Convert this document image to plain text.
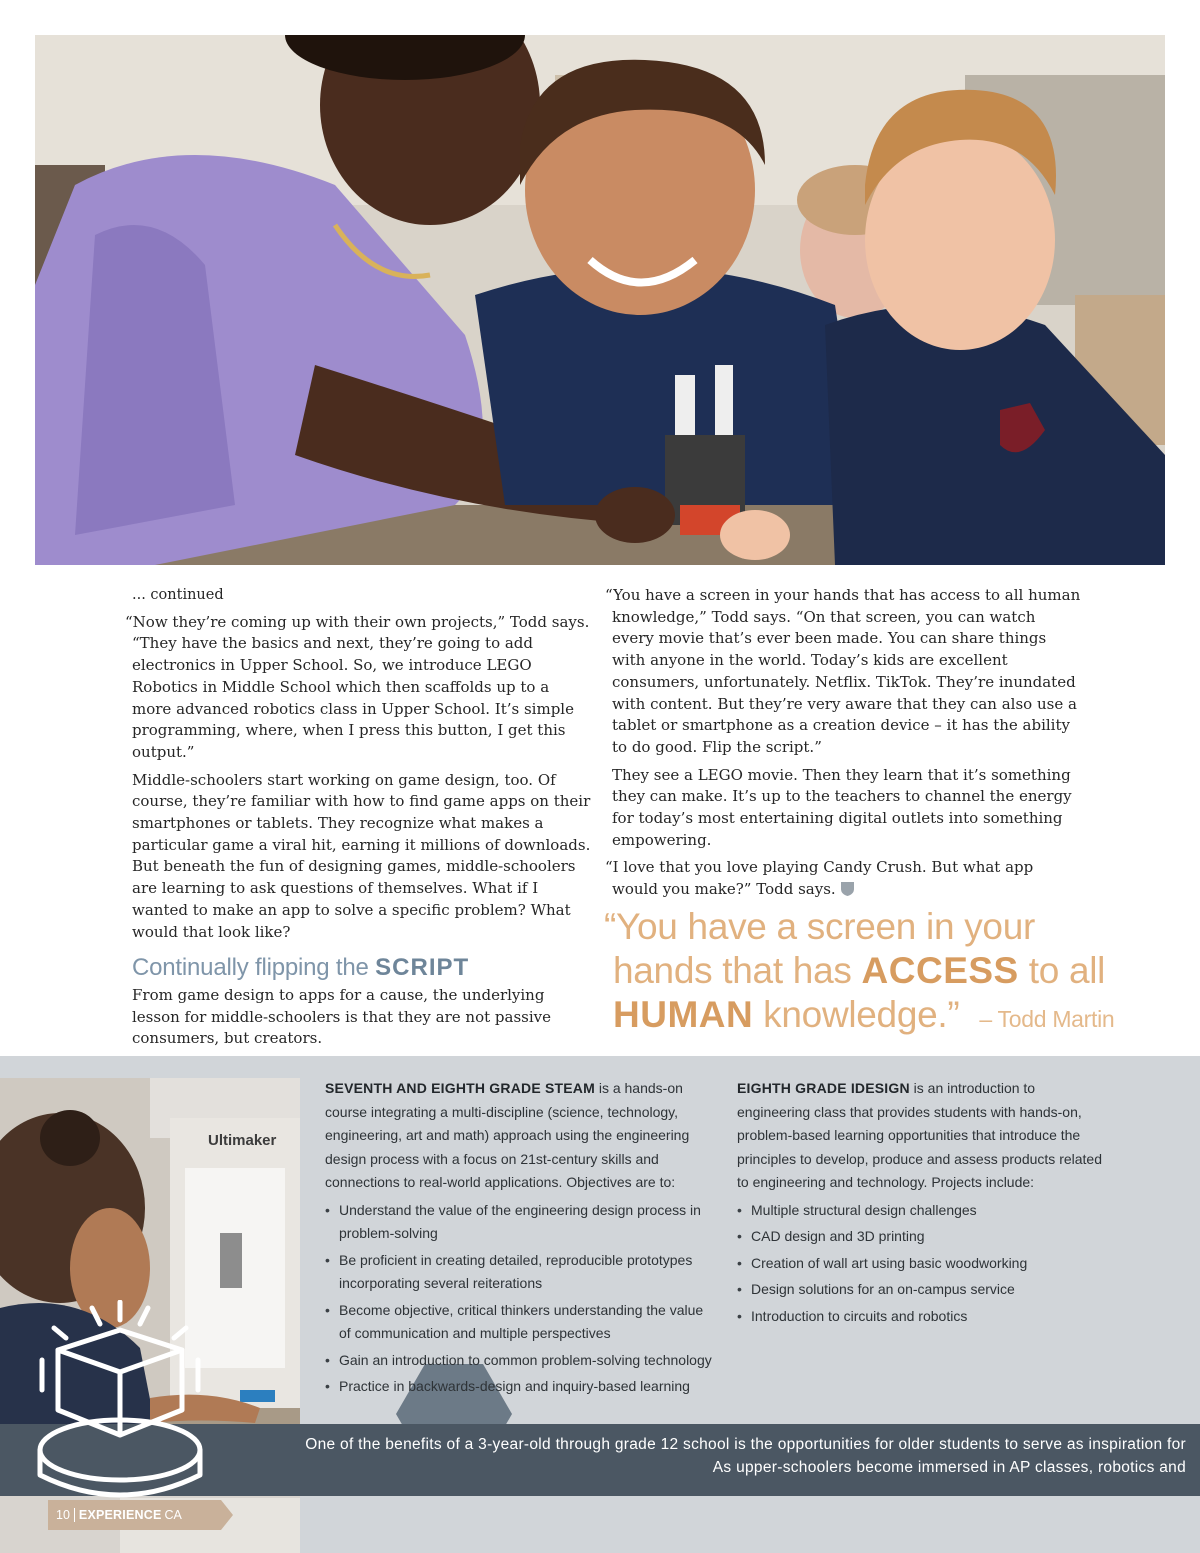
... continued

“Now they’re coming up with their own projects,” Todd says. “They have the basics and next, they’re going to add electronics in Upper School. So, we introduce LEGO Robotics in Middle School which then scaffolds up to a more advanced robotics class in Upper School. It’s simple programming, where, when I press this button, I get this output.”

Middle-schoolers start working on game design, too. Of course, they’re familiar with how to find game apps on their smartphones or tablets. They recognize what makes a particular game a viral hit, earning it millions of downloads. But beneath the fun of designing games, middle-schoolers are learning to ask questions of themselves. What if I wanted to make an app to solve a specific problem? What would that look like?

Continually flipping the SCRIPT

From game design to apps for a cause, the underlying lesson for middle-schoolers is that they are not passive consumers, but creators.

“You have a screen in your hands that has access to all human knowledge,” Todd says. “On that screen, you can watch every movie that’s ever been made. You can share things with anyone in the world. Today’s kids are excellent consumers, unfortunately. Netflix. TikTok. They’re inundated with content. But they’re very aware that they can also use a tablet or smartphone as a creation device – it has the ability to do good. Flip the script.”

They see a LEGO movie. Then they learn that it’s something they can make. It’s up to the teachers to channel the energy for today’s most entertaining digital outlets into something empowering.

“I love that you love playing Candy Crush. But what app would you make?” Todd says.

“You have a screen in your
hands that has ACCESS to all
HUMAN knowledge.” – Todd Martin
Ultimaker

SEVENTH AND EIGHTH GRADE STEAM is a hands-on course integrating a multi-discipline (science, technology, engineering, art and math) approach using the engineering design process with a focus on 21st-century skills and connections to real-world applications. Objectives are to:

• Understand the value of the engineering design process in problem-solving
• Be proficient in creating detailed, reproducible prototypes incorporating several reiterations
• Become objective, critical thinkers understanding the value of communication and multiple perspectives
• Gain an introduction to common problem-solving technology
• Practice in backwards-design and inquiry-based learning

EIGHTH GRADE IDESIGN is an introduction to engineering class that provides students with hands-on, problem-based learning opportunities that introduce the principles to develop, produce and assess products related to engineering and technology. Projects include:

• Multiple structural design challenges
• CAD design and 3D printing
• Creation of wall art using basic woodworking
• Design solutions for an on-campus service
• Introduction to circuits and robotics
One of the benefits of a 3-year-old through grade 12 school is the opportunities for older students to serve as inspiration for
As upper-schoolers become immersed in AP classes, robotics and
10 EXPERIENCE CA
